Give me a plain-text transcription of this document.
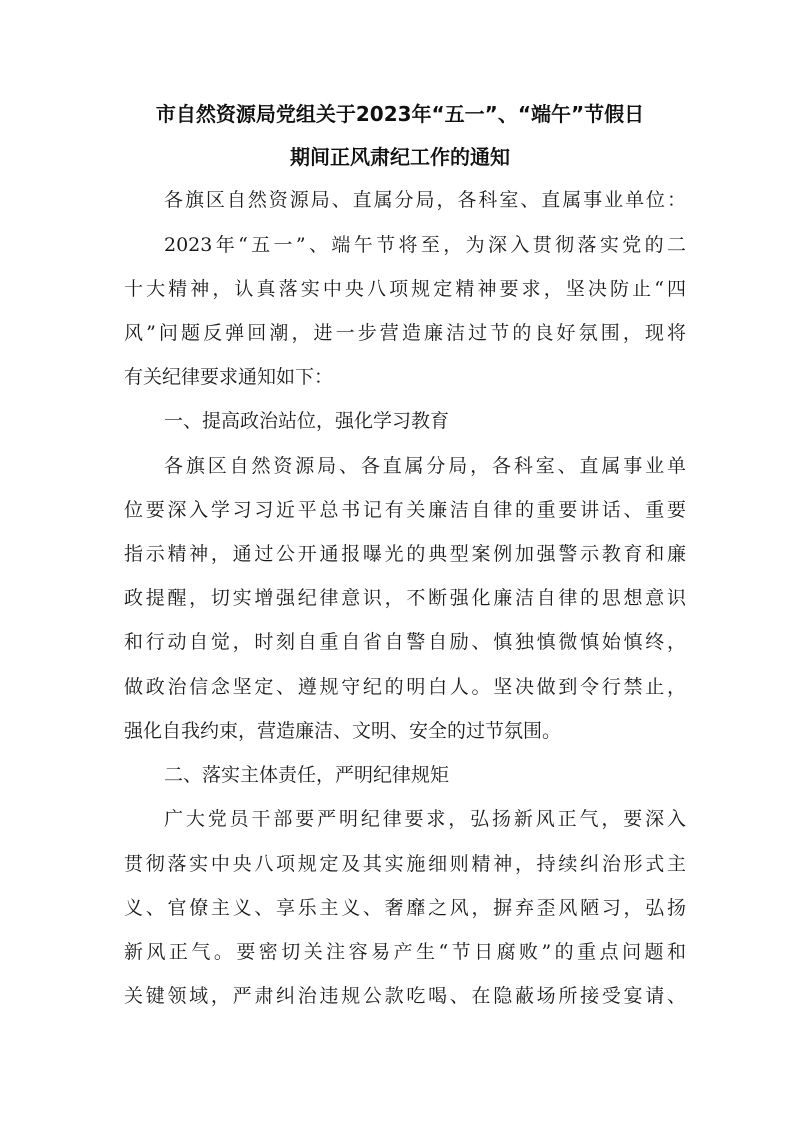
市自然资源局党组关于2023年“五一”、“端午”节假日
期间正风肃纪工作的通知

各旗区自然资源局、直属分局，各科室、直属事业单位：

2023年“五一”、端午节将至，为深入贯彻落实党的二

十大精神，认真落实中央八项规定精神要求，坚决防止“四

风”问题反弹回潮，进一步营造廉洁过节的良好氛围，现将

有关纪律要求通知如下：

一、提高政治站位，强化学习教育

各旗区自然资源局、各直属分局，各科室、直属事业单

位要深入学习习近平总书记有关廉洁自律的重要讲话、重要

指示精神，通过公开通报曝光的典型案例加强警示教育和廉

政提醒，切实增强纪律意识，不断强化廉洁自律的思想意识

和行动自觉，时刻自重自省自警自励、慎独慎微慎始慎终，

做政治信念坚定、遵规守纪的明白人。坚决做到令行禁止，

强化自我约束，营造廉洁、文明、安全的过节氛围。

二、落实主体责任，严明纪律规矩

广大党员干部要严明纪律要求，弘扬新风正气，要深入

贯彻落实中央八项规定及其实施细则精神，持续纠治形式主

义、官僚主义、享乐主义、奢靡之风，摒弃歪风陋习，弘扬

新风正气。要密切关注容易产生“节日腐败”的重点问题和

关键领域，严肃纠治违规公款吃喝、在隐蔽场所接受宴请、
